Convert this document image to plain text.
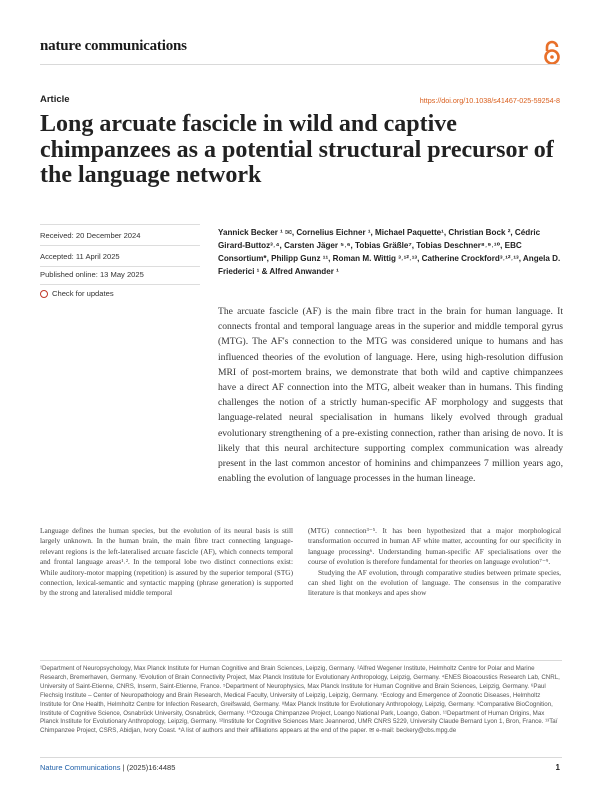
nature communications
Article	https://doi.org/10.1038/s41467-025-59254-8
Long arcuate fascicle in wild and captive chimpanzees as a potential structural precursor of the language network
Received: 20 December 2024
Accepted: 11 April 2025
Published online: 13 May 2025
Check for updates
Yannick Becker ⁠¹ ✉, Cornelius Eichner ¹, Michael Paquette¹, Christian Bock ², Cédric Girard-Buttoz³˒⁴, Carsten Jäger ⁵˒⁶, Tobias Gräßle⁷, Tobias Deschner⁸˒⁹˒¹⁰, EBC Consortium*, Philipp Gunz ¹¹, Roman M. Wittig ³˒¹²˒¹³, Catherine Crockford³˒¹²˒¹³, Angela D. Friederici ¹ & Alfred Anwander ¹

The arcuate fascicle (AF) is the main fibre tract in the brain for human language. It connects frontal and temporal language areas in the superior and middle temporal gyrus (MTG). The AF's connection to the MTG was considered unique to humans and has influenced theories of the evolution of language. Here, using high-resolution diffusion MRI of post-mortem brains, we demonstrate that both wild and captive chimpanzees have a direct AF connection into the MTG, albeit weaker than in humans. This finding challenges the notion of a strictly human-specific AF morphology and suggests that language-related neural specialisation in humans likely evolved through gradual evolutionary strengthening of a pre-existing connection, rather than arising de novo. It is likely that this neural architecture supporting complex communication was already present in the last common ancestor of hominins and chimpanzees 7 million years ago, enabling the evolution of language processes in the human lineage.

Language defines the human species, but the evolution of its neural basis is still largely unknown. In the human brain, the main fibre tract connecting language-relevant regions is the left-lateralised arcuate fascicle (AF), which connects temporal and frontal language areas¹˒². In the temporal lobe two distinct connections exist: While auditory-motor mapping (repetition) is assured by the superior temporal (STG) connection, lexical-semantic and syntactic mapping (phrase generation) is supported by the strong and lateralised middle temporal

(MTG) connection³⁻⁵. It has been hypothesized that a major morphological transformation occurred in human AF white matter, accounting for our specificity in language processing⁶. Understanding human-specific AF specialisations over the course of evolution is therefore fundamental for theories on language evolution⁷⁻⁹.
Studying the AF evolution, through comparative studies between primate species, can shed light on the evolution of language. The consensus in the comparative literature is that monkeys and apes show

¹Department of Neuropsychology, Max Planck Institute for Human Cognitive and Brain Sciences, Leipzig, Germany. ²Alfred Wegener Institute, Helmholtz Centre for Polar and Marine Research, Bremerhaven, Germany. ³Evolution of Brain Connectivity Project, Max Planck Institute for Evolutionary Anthropology, Leipzig, Germany. ⁴ENES Bioacoustics Research Lab, CNRL, University of Saint-Etienne, CNRS, Inserm, Saint-Etienne, France. ⁵Department of Neurophysics, Max Planck Institute for Human Cognitive and Brain Sciences, Leipzig, Germany. ⁶Paul Flechsig Institute – Center of Neuropathology and Brain Research, Medical Faculty, University of Leipzig, Leipzig, Germany. ⁷Ecology and Emergence of Zoonotic Diseases, Helmholtz Institute for One Health, Helmholtz Centre for Infection Research, Greifswald, Germany. ⁸Max Planck Institute for Evolutionary Anthropology, Leipzig, Germany. ⁹Comparative BioCognition, Institute of Cognitive Science, Osnabrück University, Osnabrück, Germany. ¹⁰Ozouga Chimpanzee Project, Loango National Park, Loango, Gabon. ¹¹Department of Human Origins, Max Planck Institute for Evolutionary Anthropology, Leipzig, Germany. ¹²Institute for Cognitive Sciences Marc Jeannerod, UMR CNRS 5229, University Claude Bernard Lyon 1, Bron, France. ¹³Taï Chimpanzee Project, CSRS, Abidjan, Ivory Coast. *A list of authors and their affiliations appears at the end of the paper. ✉ e-mail: beckery@cbs.mpg.de

Nature Communications | (2025)16:4485	1
